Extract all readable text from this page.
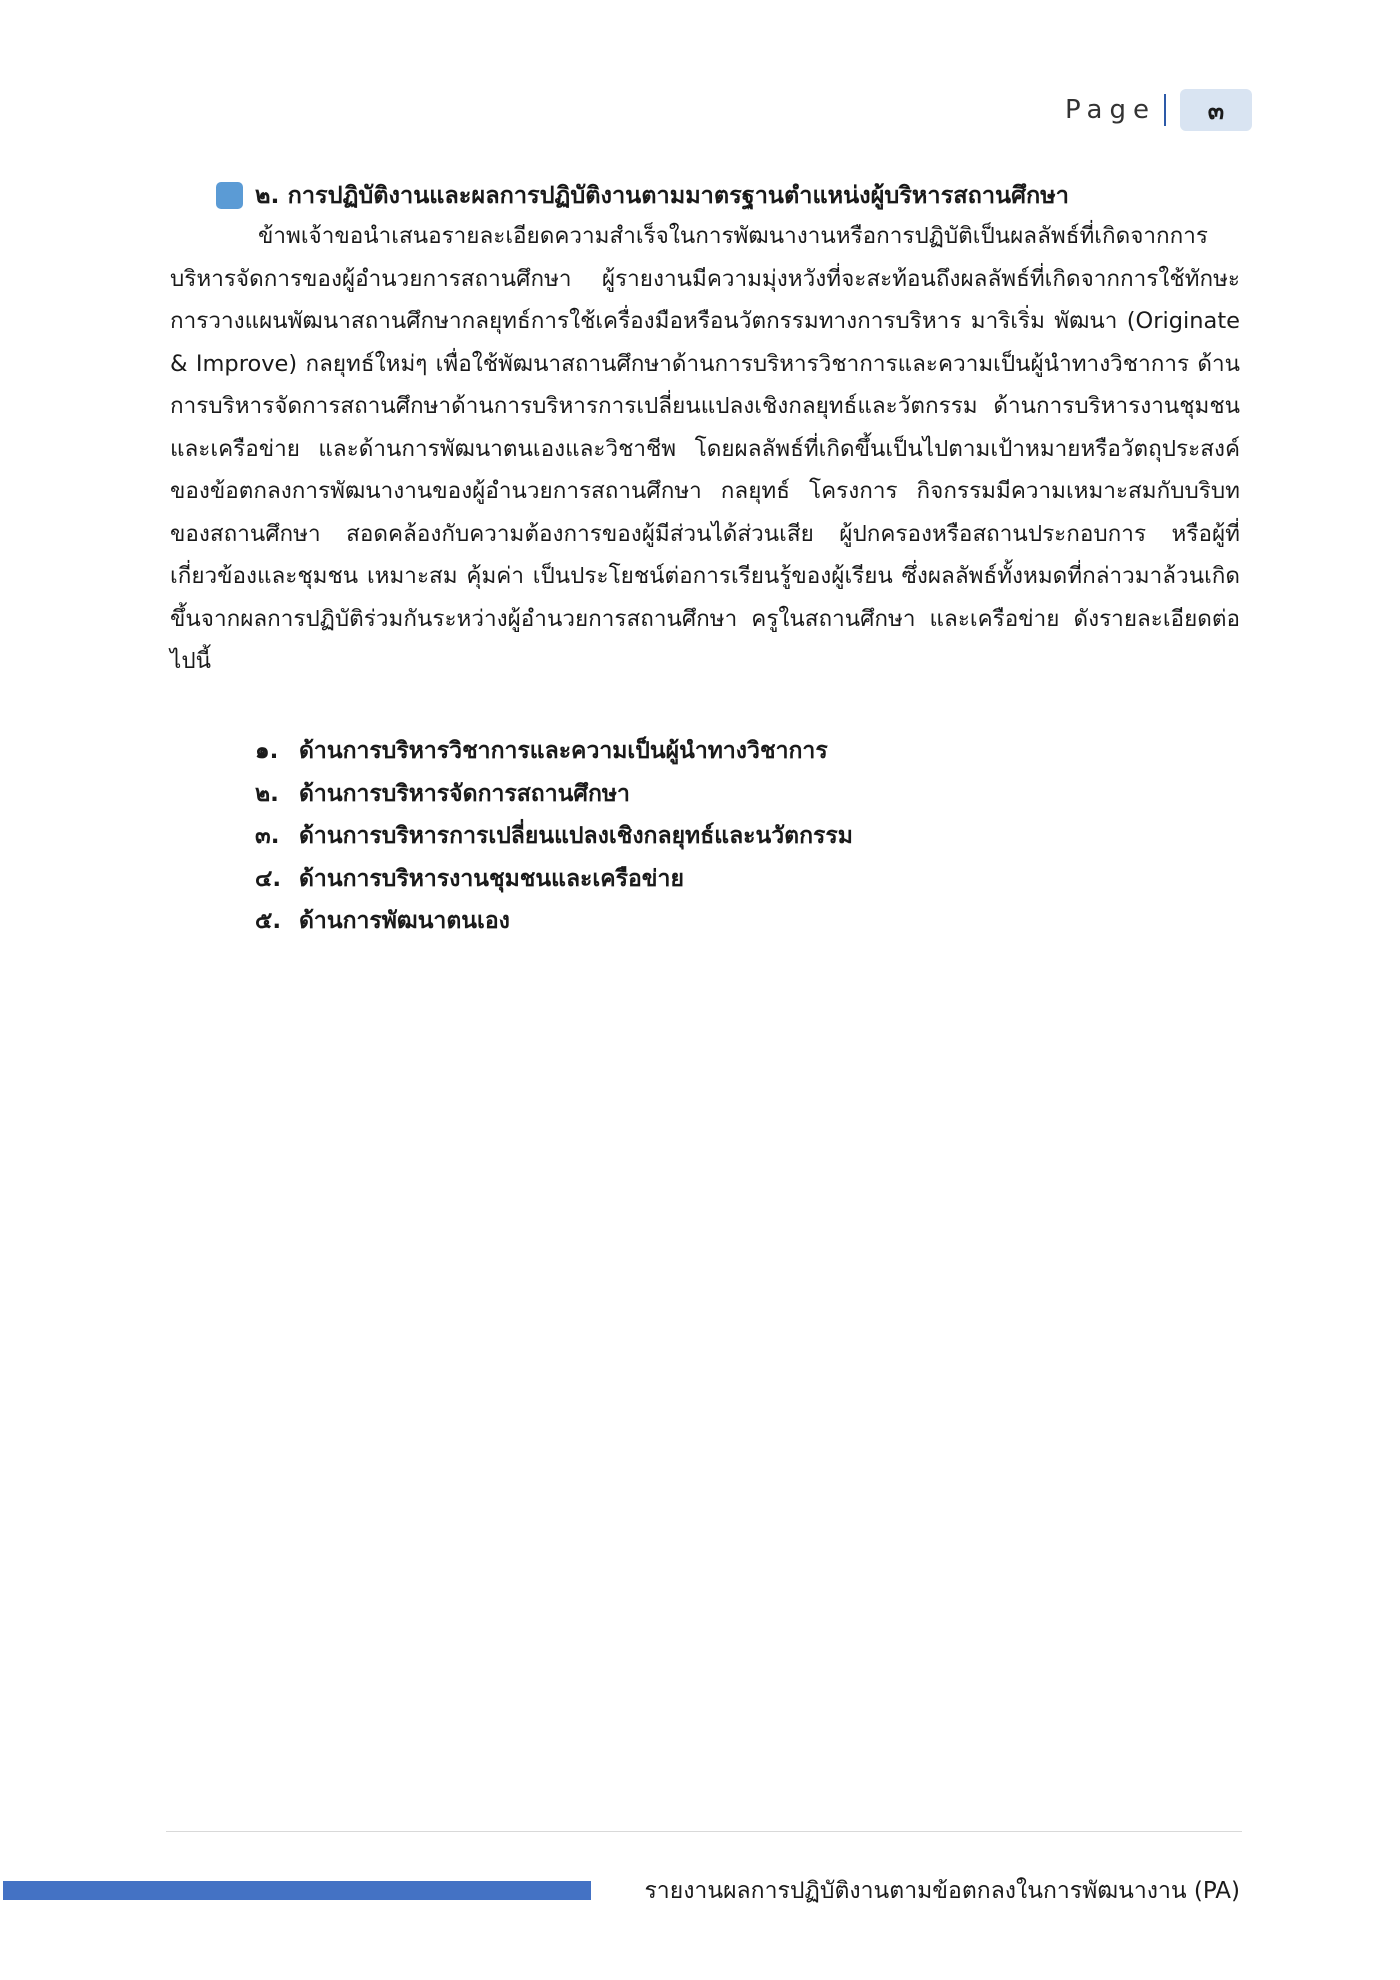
Page	๓
๒. การปฏิบัติงานและผลการปฏิบัติงานตามมาตรฐานตำแหน่งผู้บริหารสถานศึกษา

ข้าพเจ้าขอนำเสนอรายละเอียดความสำเร็จในการพัฒนางานหรือการปฏิบัติเป็นผลลัพธ์ที่เกิดจากการบริหารจัดการของผู้อำนวยการสถานศึกษา ผู้รายงานมีความมุ่งหวังที่จะสะท้อนถึงผลลัพธ์ที่เกิดจากการใช้ทักษะการวางแผนพัฒนาสถานศึกษากลยุทธ์การใช้เครื่องมือหรือนวัตกรรมทางการบริหาร มาริเริ่ม พัฒนา (Originate & Improve) กลยุทธ์ใหม่ๆ เพื่อใช้พัฒนาสถานศึกษาด้านการบริหารวิชาการและความเป็นผู้นำทางวิชาการ ด้านการบริหารจัดการสถานศึกษาด้านการบริหารการเปลี่ยนแปลงเชิงกลยุทธ์และวัตกรรม ด้านการบริหารงานชุมชนและเครือข่าย และด้านการพัฒนาตนเองและวิชาชีพ โดยผลลัพธ์ที่เกิดขึ้นเป็นไปตามเป้าหมายหรือวัตถุประสงค์ของข้อตกลงการพัฒนางานของผู้อำนวยการสถานศึกษา กลยุทธ์ โครงการ กิจกรรมมีความเหมาะสมกับบริบทของสถานศึกษา สอดคล้องกับความต้องการของผู้มีส่วนได้ส่วนเสีย ผู้ปกครองหรือสถานประกอบการ หรือผู้ที่เกี่ยวข้องและชุมชน เหมาะสม คุ้มค่า เป็นประโยชน์ต่อการเรียนรู้ของผู้เรียน ซึ่งผลลัพธ์ทั้งหมดที่กล่าวมาล้วนเกิดขึ้นจากผลการปฏิบัติร่วมกันระหว่างผู้อำนวยการสถานศึกษา ครูในสถานศึกษา และเครือข่าย ดังรายละเอียดต่อไปนี้

๑. ด้านการบริหารวิชาการและความเป็นผู้นำทางวิชาการ
๒. ด้านการบริหารจัดการสถานศึกษา
๓. ด้านการบริหารการเปลี่ยนแปลงเชิงกลยุทธ์และนวัตกรรม
๔. ด้านการบริหารงานชุมชนและเครือข่าย
๕. ด้านการพัฒนาตนเอง
รายงานผลการปฏิบัติงานตามข้อตกลงในการพัฒนางาน (PA)
